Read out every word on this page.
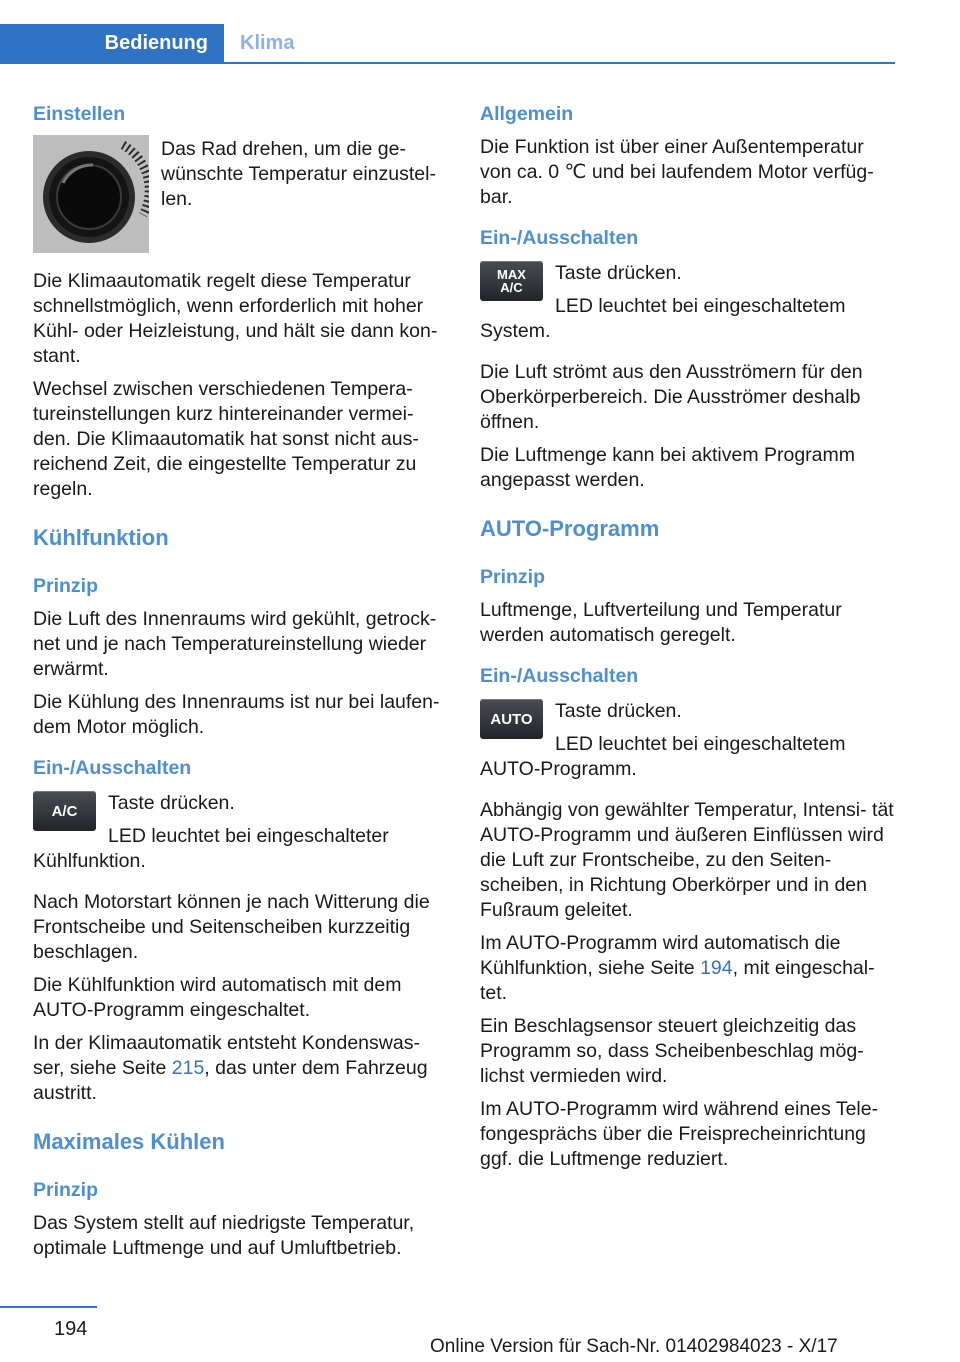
Bedienung	Klima
Einstellen
Das Rad drehen, um die ge‐
wünschte Temperatur einzustel‐
len.

Die Klimaautomatik regelt diese Temperatur schnellstmöglich, wenn erforderlich mit hoher Kühl- oder Heizleistung, und hält sie dann kon‐ stant.

Wechsel zwischen verschiedenen Tempera‐ tureinstellungen kurz hintereinander vermei‐ den. Die Klimaautomatik hat sonst nicht aus‐ reichend Zeit, die eingestellte Temperatur zu regeln.

Kühlfunktion
Prinzip

Die Luft des Innenraums wird gekühlt, getrock‐ net und je nach Temperatureinstellung wieder erwärmt.

Die Kühlung des Innenraums ist nur bei laufen‐ dem Motor möglich.

Ein-/Ausschalten
A/C	Taste drücken.

LED leuchtet bei eingeschalteter

Kühlfunktion.

Nach Motorstart können je nach Witterung die Frontscheibe und Seitenscheiben kurzzeitig beschlagen.

Die Kühlfunktion wird automatisch mit dem AUTO-Programm eingeschaltet.

In der Klimaautomatik entsteht Kondenswas‐ ser, siehe Seite 215, das unter dem Fahrzeug austritt.

Maximales Kühlen
Prinzip

Das System stellt auf niedrigste Temperatur, optimale Luftmenge und auf Umluftbetrieb.

Allgemein

Die Funktion ist über einer Außentemperatur von ca. 0 ℃ und bei laufendem Motor verfüg‐ bar.

Ein-/Ausschalten
MAX
A/C

Taste drücken.

LED leuchtet bei eingeschaltetem

System.

Die Luft strömt aus den Ausströmern für den Oberkörperbereich. Die Ausströmer deshalb öffnen.

Die Luftmenge kann bei aktivem Programm angepasst werden.

AUTO-Programm
Prinzip

Luftmenge, Luftverteilung und Temperatur werden automatisch geregelt.

Ein-/Ausschalten
AUTO	Taste drücken.

LED leuchtet bei eingeschaltetem

AUTO-Programm.

Abhängig von gewählter Temperatur, Intensi‐ tät AUTO-Programm und äußeren Einflüssen wird die Luft zur Frontscheibe, zu den Seiten‐ scheiben, in Richtung Oberkörper und in den Fußraum geleitet.

Im AUTO-Programm wird automatisch die Kühlfunktion, siehe Seite 194, mit eingeschal‐ tet.

Ein Beschlagsensor steuert gleichzeitig das Programm so, dass Scheibenbeschlag mög‐ lichst vermieden wird.

Im AUTO-Programm wird während eines Tele‐ fongesprächs über die Freisprecheinrichtung ggf. die Luftmenge reduziert.

194
Online Version für Sach-Nr. 01402984023 - X/17
